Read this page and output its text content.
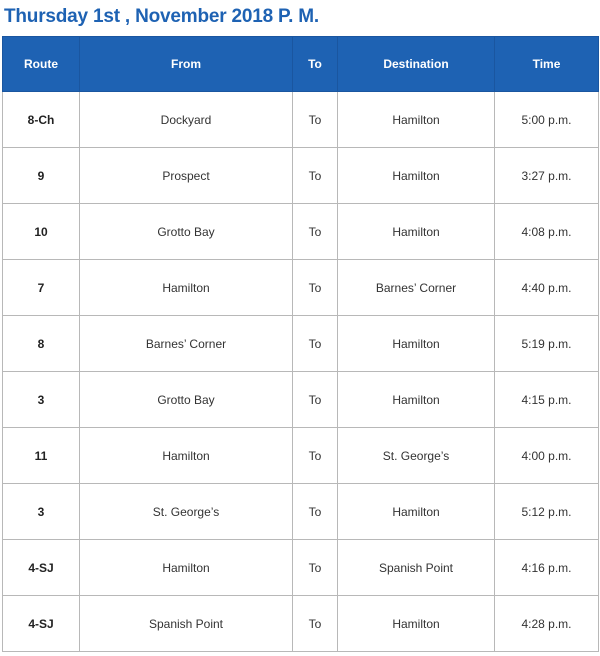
Thursday 1st , November 2018 P. M.
Route	From	To	Destination	Time
8-Ch	Dockyard	To	Hamilton	5:00 p.m.
9	Prospect	To	Hamilton	3:27 p.m.
10	Grotto Bay	To	Hamilton	4:08 p.m.
7	Hamilton	To	Barnes’ Corner	4:40 p.m.
8	Barnes’ Corner	To	Hamilton	5:19 p.m.
3	Grotto Bay	To	Hamilton	4:15 p.m.
11	Hamilton	To	St. George’s	4:00 p.m.
3	St. George’s	To	Hamilton	5:12 p.m.
4-SJ	Hamilton	To	Spanish Point	4:16 p.m.
4-SJ	Spanish Point	To	Hamilton	4:28 p.m.
